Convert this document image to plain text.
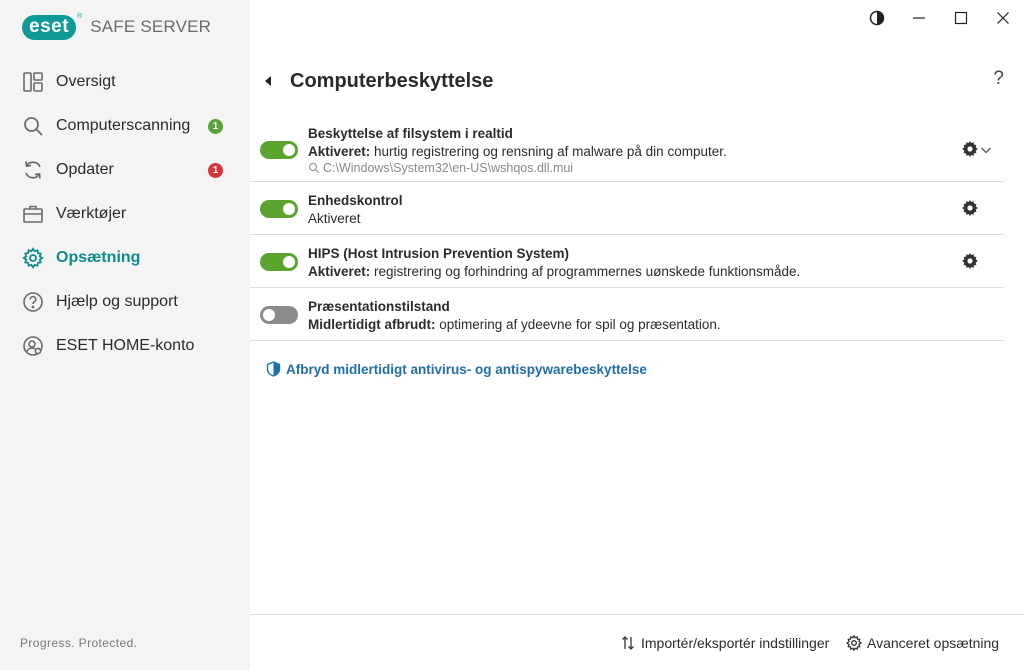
eset	®
SAFE SERVER
Oversigt
Computerscanning	1
Opdater	1
Værktøjer
Opsætning
Hjælp og support
ESET HOME-konto
Progress. Protected.
Computerbeskyttelse	?
Beskyttelse af filsystem i realtid
Aktiveret: hurtig registrering og rensning af malware på din computer.
C:\Windows\System32\en-US\wshqos.dll.mui
Enhedskontrol
Aktiveret
HIPS (Host Intrusion Prevention System)
Aktiveret: registrering og forhindring af programmernes uønskede funktionsmåde.
Præsentationstilstand
Midlertidigt afbrudt: optimering af ydeevne for spil og præsentation.
Afbryd midlertidigt antivirus- og antispywarebeskyttelse
Importér/eksportér indstillinger	Avanceret opsætning
